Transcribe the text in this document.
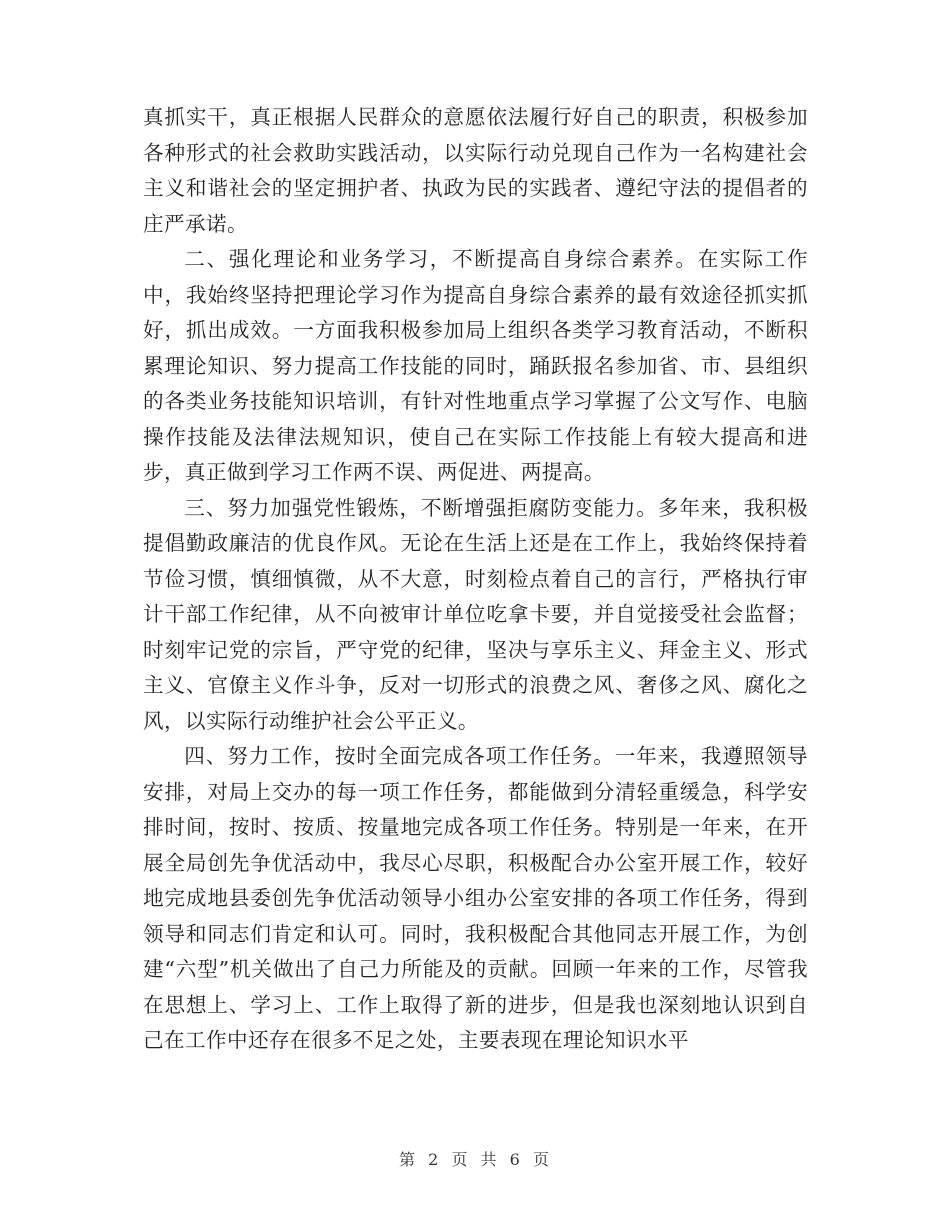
真抓实干，真正根据人民群众的意愿依法履行好自己的职责，积极参加各种形式的社会救助实践活动，以实际行动兑现自己作为一名构建社会主义和谐社会的坚定拥护者、执政为民的实践者、遵纪守法的提倡者的庄严承诺。

二、强化理论和业务学习，不断提高自身综合素养。在实际工作中，我始终坚持把理论学习作为提高自身综合素养的最有效途径抓实抓好，抓出成效。一方面我积极参加局上组织各类学习教育活动，不断积累理论知识、努力提高工作技能的同时，踊跃报名参加省、市、县组织的各类业务技能知识培训，有针对性地重点学习掌握了公文写作、电脑操作技能及法律法规知识，使自己在实际工作技能上有较大提高和进步，真正做到学习工作两不误、两促进、两提高。

三、努力加强党性锻炼，不断增强拒腐防变能力。多年来，我积极提倡勤政廉洁的优良作风。无论在生活上还是在工作上，我始终保持着节俭习惯，慎细慎微，从不大意，时刻检点着自己的言行，严格执行审计干部工作纪律，从不向被审计单位吃拿卡要，并自觉接受社会监督；时刻牢记党的宗旨，严守党的纪律，坚决与享乐主义、拜金主义、形式主义、官僚主义作斗争，反对一切形式的浪费之风、奢侈之风、腐化之风，以实际行动维护社会公平正义。

四、努力工作，按时全面完成各项工作任务。一年来，我遵照领导安排，对局上交办的每一项工作任务，都能做到分清轻重缓急，科学安排时间，按时、按质、按量地完成各项工作任务。特别是一年来，在开展全局创先争优活动中，我尽心尽职，积极配合办公室开展工作，较好地完成地县委创先争优活动领导小组办公室安排的各项工作任务，得到领导和同志们肯定和认可。同时，我积极配合其他同志开展工作，为创建“六型”机关做出了自己力所能及的贡献。回顾一年来的工作，尽管我在思想上、学习上、工作上取得了新的进步，但是我也深刻地认识到自己在工作中还存在很多不足之处，主要表现在理论知识水平

第 2 页 共 6 页
